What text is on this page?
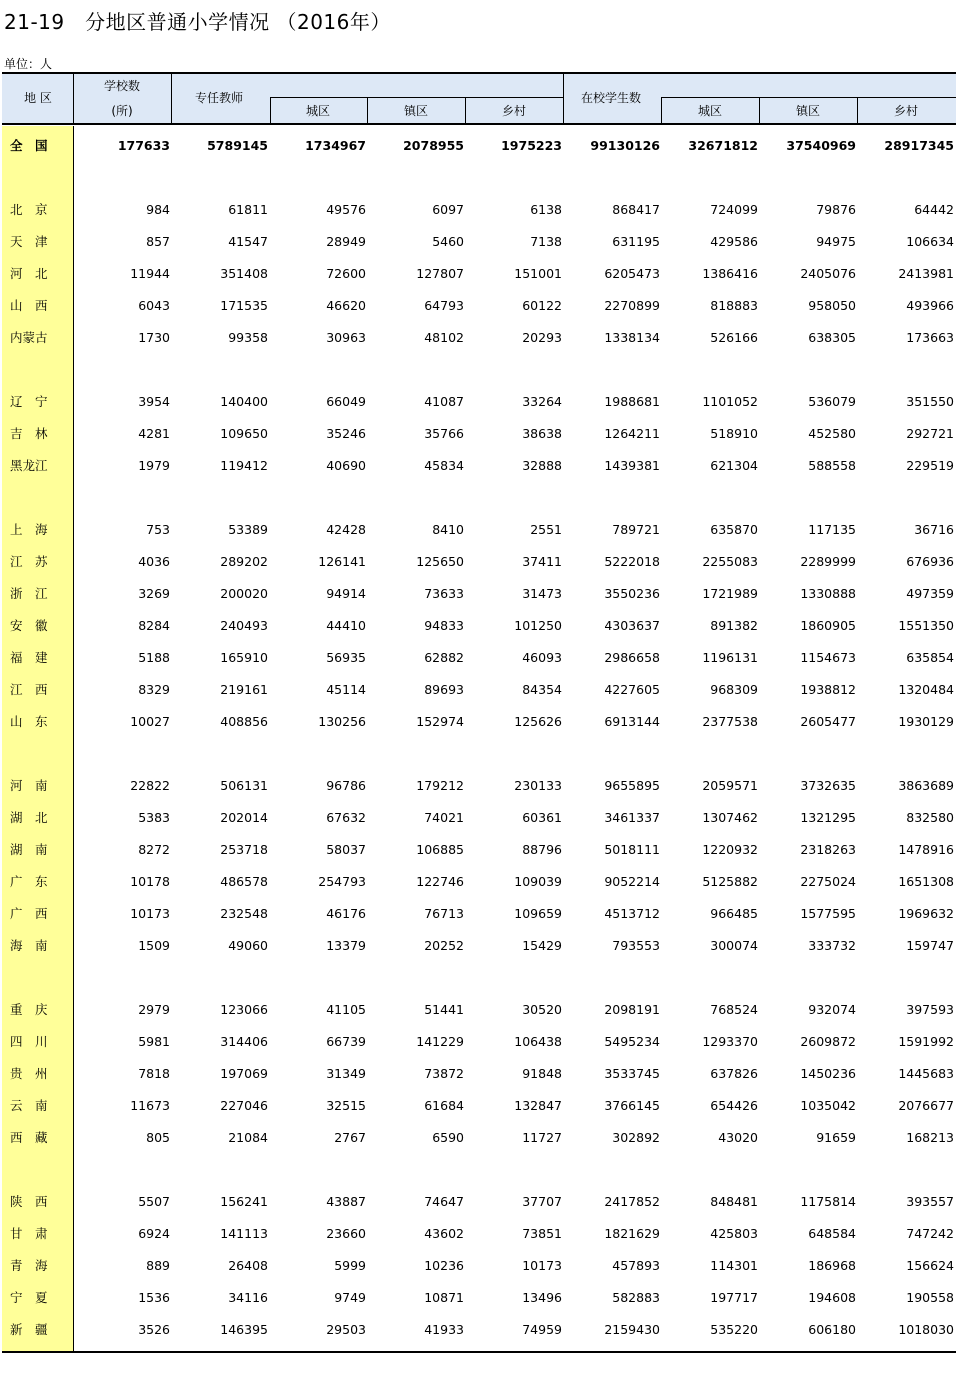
21-19　分地区普通小学情况 （2016年）
单位：人
地 区
学校数
(所)
专任教师	在校学生数
城区	镇区	乡村	城区	镇区	乡村
全　国	177633	5789145	1734967	2078955	1975223	99130126	32671812	37540969	28917345
北　京	984	61811	49576	6097	6138	868417	724099	79876	64442
天　津	857	41547	28949	5460	7138	631195	429586	94975	106634
河　北	11944	351408	72600	127807	151001	6205473	1386416	2405076	2413981
山　西	6043	171535	46620	64793	60122	2270899	818883	958050	493966
内蒙古	1730	99358	30963	48102	20293	1338134	526166	638305	173663
辽　宁	3954	140400	66049	41087	33264	1988681	1101052	536079	351550
吉　林	4281	109650	35246	35766	38638	1264211	518910	452580	292721
黑龙江	1979	119412	40690	45834	32888	1439381	621304	588558	229519
上　海	753	53389	42428	8410	2551	789721	635870	117135	36716
江　苏	4036	289202	126141	125650	37411	5222018	2255083	2289999	676936
浙　江	3269	200020	94914	73633	31473	3550236	1721989	1330888	497359
安　徽	8284	240493	44410	94833	101250	4303637	891382	1860905	1551350
福　建	5188	165910	56935	62882	46093	2986658	1196131	1154673	635854
江　西	8329	219161	45114	89693	84354	4227605	968309	1938812	1320484
山　东	10027	408856	130256	152974	125626	6913144	2377538	2605477	1930129
河　南	22822	506131	96786	179212	230133	9655895	2059571	3732635	3863689
湖　北	5383	202014	67632	74021	60361	3461337	1307462	1321295	832580
湖　南	8272	253718	58037	106885	88796	5018111	1220932	2318263	1478916
广　东	10178	486578	254793	122746	109039	9052214	5125882	2275024	1651308
广　西	10173	232548	46176	76713	109659	4513712	966485	1577595	1969632
海　南	1509	49060	13379	20252	15429	793553	300074	333732	159747
重　庆	2979	123066	41105	51441	30520	2098191	768524	932074	397593
四　川	5981	314406	66739	141229	106438	5495234	1293370	2609872	1591992
贵　州	7818	197069	31349	73872	91848	3533745	637826	1450236	1445683
云　南	11673	227046	32515	61684	132847	3766145	654426	1035042	2076677
西　藏	805	21084	2767	6590	11727	302892	43020	91659	168213
陕　西	5507	156241	43887	74647	37707	2417852	848481	1175814	393557
甘　肃	6924	141113	23660	43602	73851	1821629	425803	648584	747242
青　海	889	26408	5999	10236	10173	457893	114301	186968	156624
宁　夏	1536	34116	9749	10871	13496	582883	197717	194608	190558
新　疆	3526	146395	29503	41933	74959	2159430	535220	606180	1018030
